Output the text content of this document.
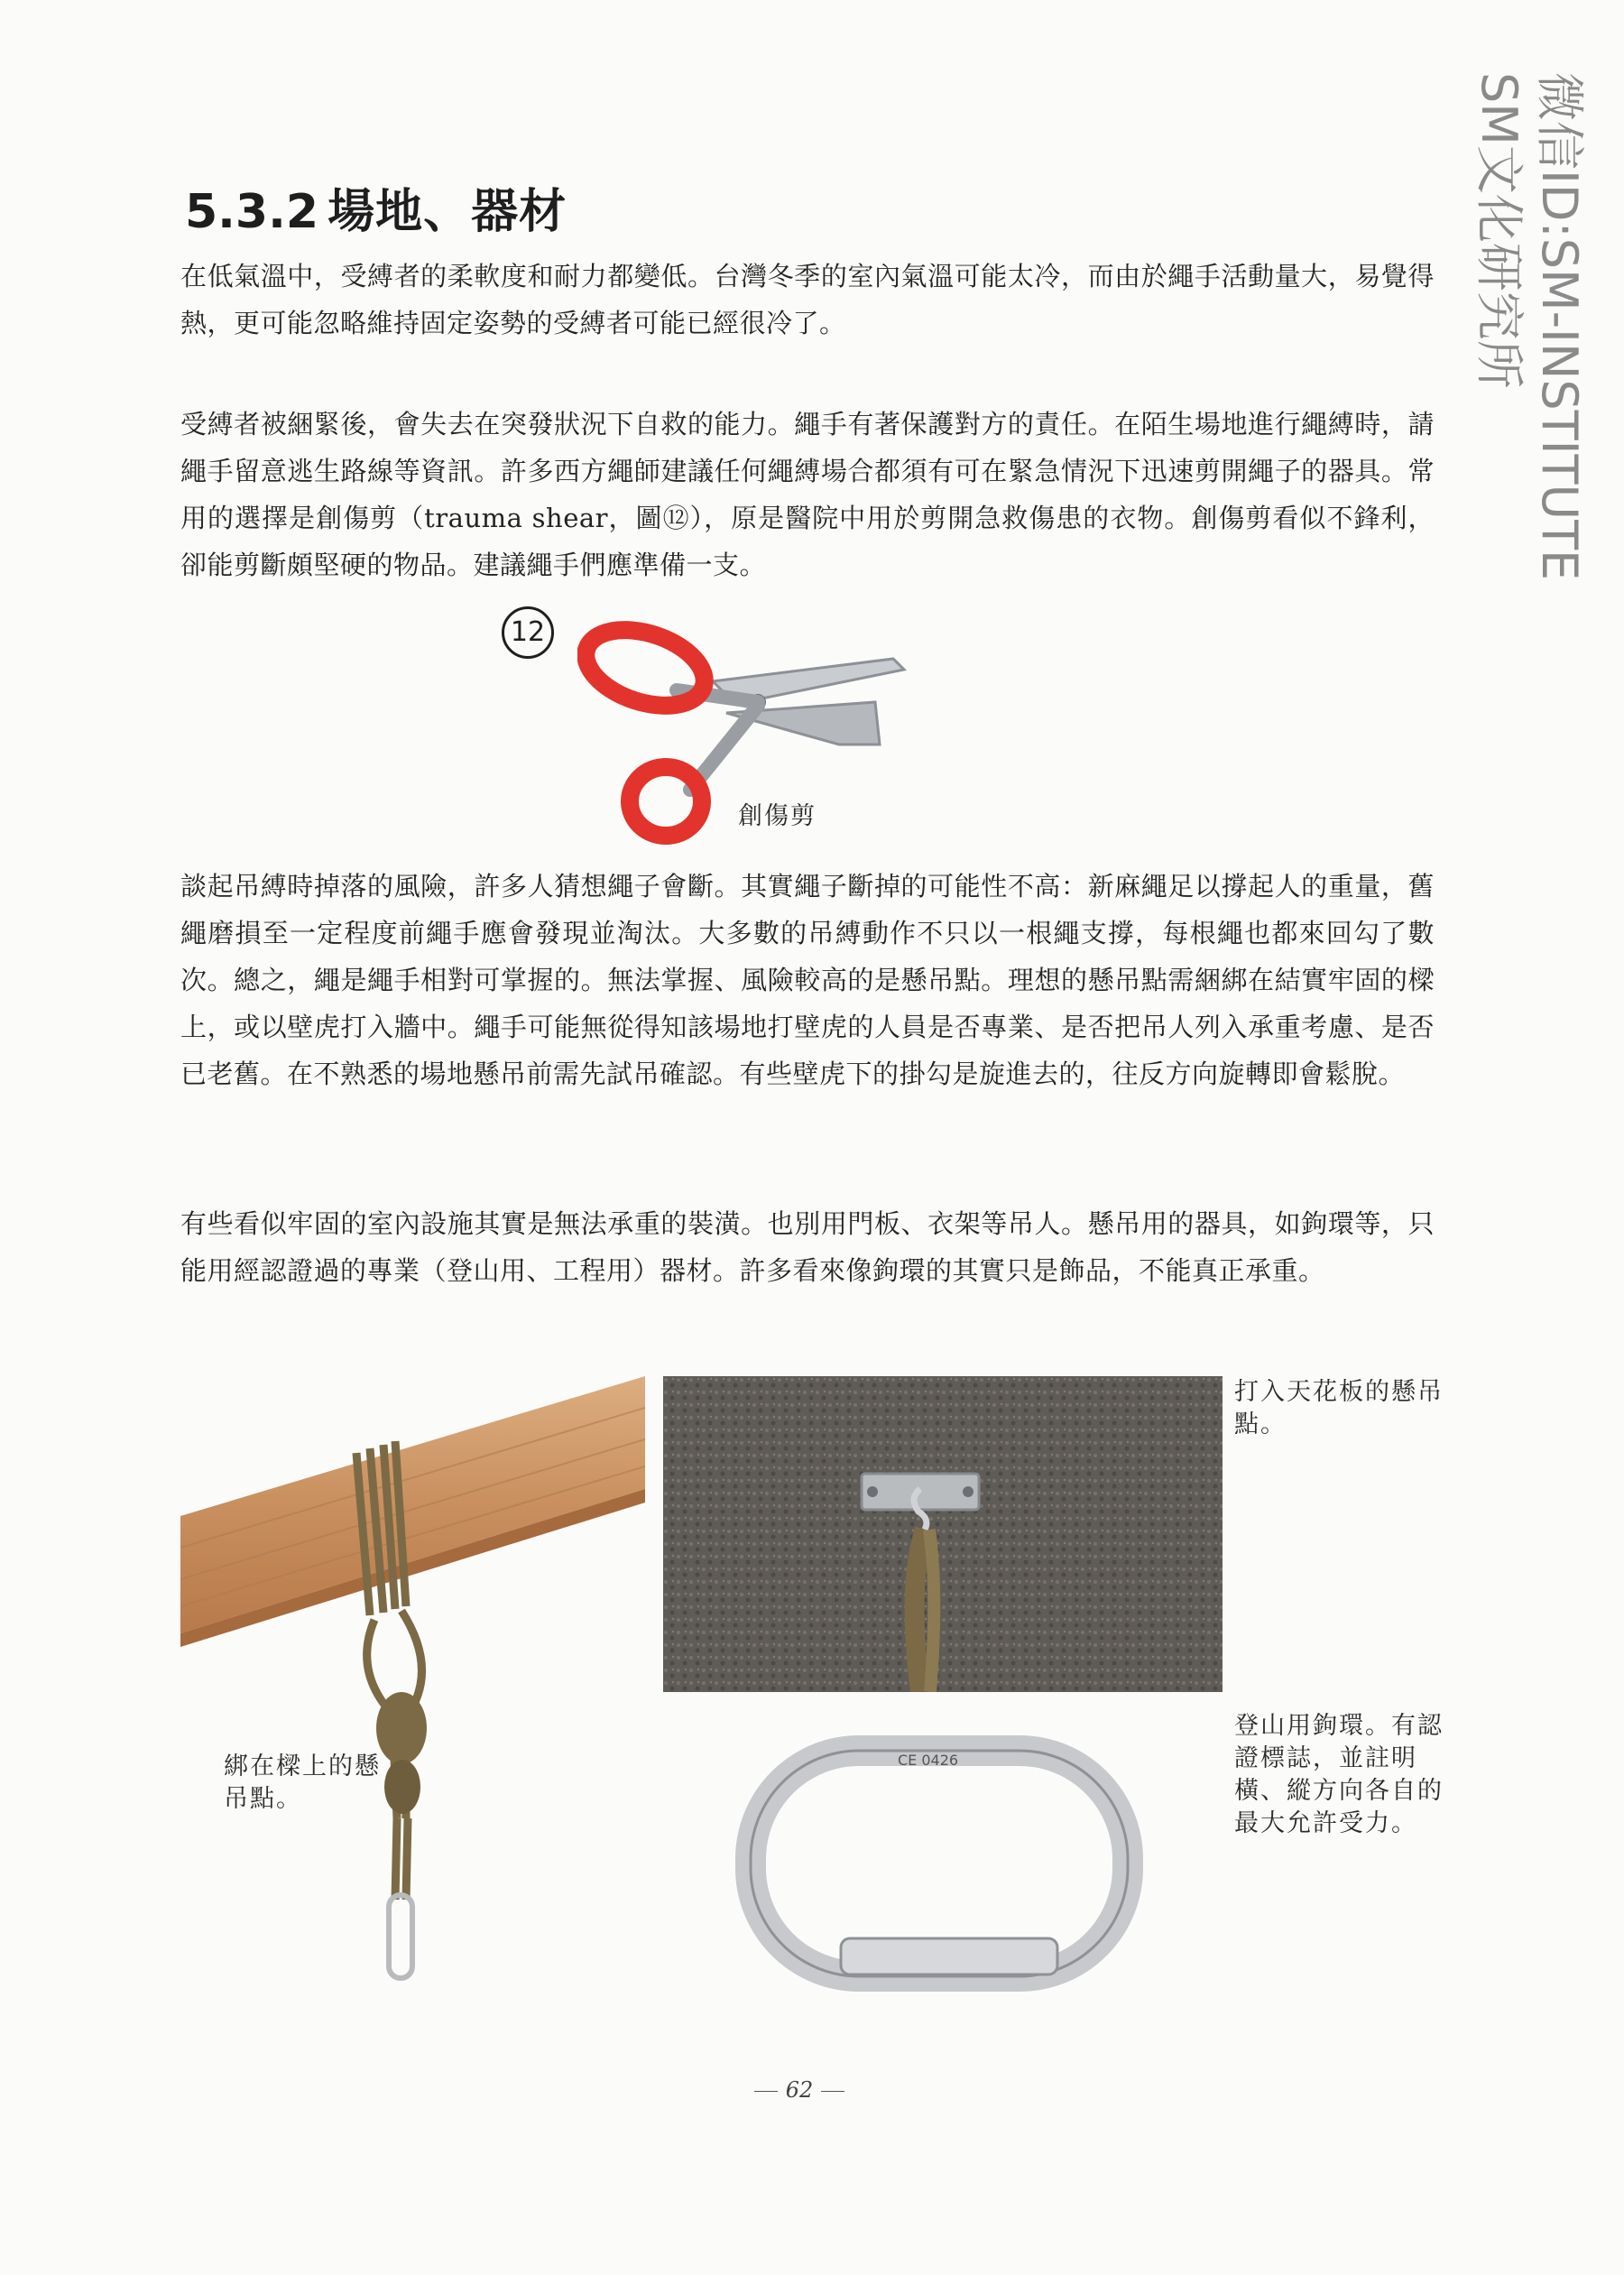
微信ID:SM-INSTITUTE
SM文化研究所
5.3.2 場地、器材

在低氣溫中，受縛者的柔軟度和耐力都變低。台灣冬季的室內氣溫可能太冷，而由於繩手活動量大，易覺得熱，更可能忽略維持固定姿勢的受縛者可能已經很冷了。

受縛者被綑緊後，會失去在突發狀況下自救的能力。繩手有著保護對方的責任。在陌生場地進行繩縛時，請繩手留意逃生路線等資訊。許多西方繩師建議任何繩縛場合都須有可在緊急情況下迅速剪開繩子的器具。常用的選擇是創傷剪（trauma shear，圖⑫），原是醫院中用於剪開急救傷患的衣物。創傷剪看似不鋒利，卻能剪斷頗堅硬的物品。建議繩手們應準備一支。

12

創傷剪

談起吊縛時掉落的風險，許多人猜想繩子會斷。其實繩子斷掉的可能性不高：新麻繩足以撐起人的重量，舊繩磨損至一定程度前繩手應會發現並淘汰。大多數的吊縛動作不只以一根繩支撐，每根繩也都來回勾了數次。總之，繩是繩手相對可掌握的。無法掌握、風險較高的是懸吊點。理想的懸吊點需綑綁在結實牢固的樑上，或以壁虎打入牆中。繩手可能無從得知該場地打壁虎的人員是否專業、是否把吊人列入承重考慮、是否已老舊。在不熟悉的場地懸吊前需先試吊確認。有些壁虎下的掛勾是旋進去的，往反方向旋轉即會鬆脫。

有些看似牢固的室內設施其實是無法承重的裝潢。也別用門板、衣架等吊人。懸吊用的器具，如鉤環等，只能用經認證過的專業（登山用、工程用）器材。許多看來像鉤環的其實只是飾品，不能真正承重。

綁在樑上的懸吊點。

打入天花板的懸吊點。

CE 0426

登山用鉤環。有認證標誌，並註明橫、縱方向各自的最大允許受力。

62
